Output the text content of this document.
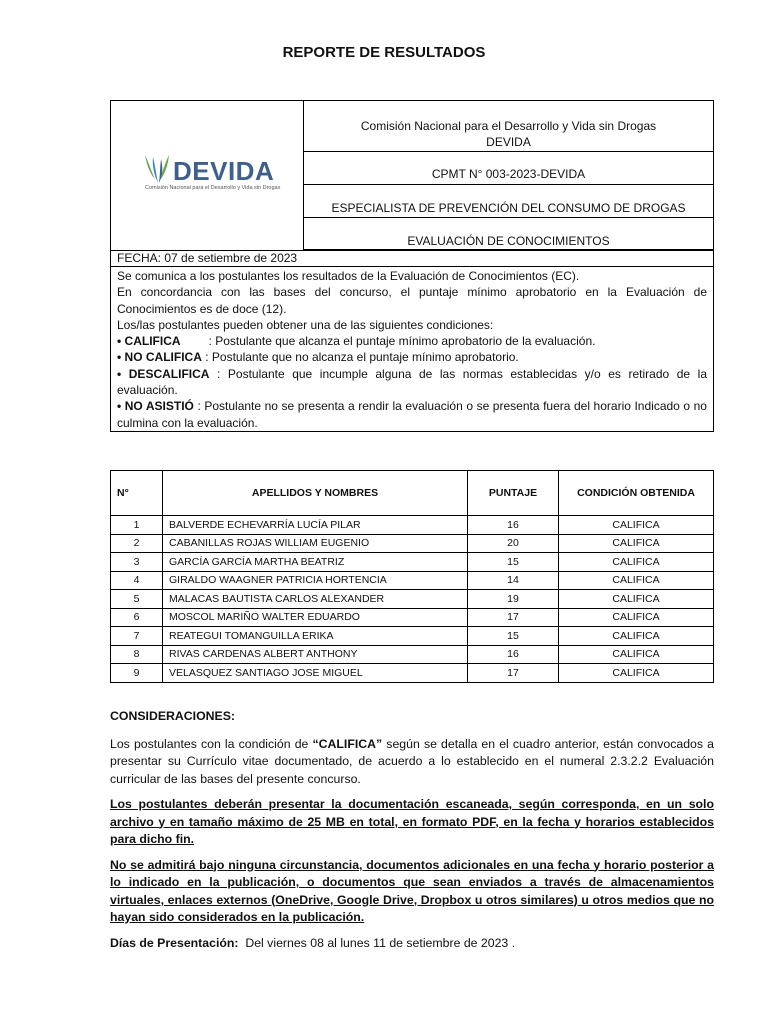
REPORTE DE RESULTADOS
DEVIDA
Comisión Nacional para el Desarrollo y Vida sin Drogas
Comisión Nacional para el Desarrollo y Vida sin Drogas
DEVIDA
CPMT N° 003-2023-DEVIDA
ESPECIALISTA DE PREVENCIÓN DEL CONSUMO DE DROGAS
EVALUACIÓN DE CONOCIMIENTOS
FECHA: 07 de setiembre de 2023

Se comunica a los postulantes los resultados de la Evaluación de Conocimientos (EC).

En concordancia con las bases del concurso, el puntaje mínimo aprobatorio en la Evaluación de Conocimientos es de doce (12).

Los/las postulantes pueden obtener una de las siguientes condiciones:

• CALIFICA : Postulante que alcanza el puntaje mínimo aprobatorio de la evaluación.

• NO CALIFICA : Postulante que no alcanza el puntaje mínimo aprobatorio.

• DESCALIFICA : Postulante que incumple alguna de las normas establecidas y/o es retirado de la evaluación.

• NO ASISTIÓ : Postulante no se presenta a rendir la evaluación o se presenta fuera del horario Indicado o no culmina con la evaluación.

N°	APELLIDOS Y NOMBRES	PUNTAJE	CONDICIÓN OBTENIDA
1	BALVERDE ECHEVARRÍA LUCÍA PILAR	16	CALIFICA
2	CABANILLAS ROJAS WILLIAM EUGENIO	20	CALIFICA
3	GARCÍA GARCÍA MARTHA BEATRIZ	15	CALIFICA
4	GIRALDO WAAGNER PATRICIA HORTENCIA	14	CALIFICA
5	MALACAS BAUTISTA CARLOS ALEXANDER	19	CALIFICA
6	MOSCOL MARIÑO WALTER EDUARDO	17	CALIFICA
7	REATEGUI TOMANGUILLA ERIKA	15	CALIFICA
8	RIVAS CARDENAS ALBERT ANTHONY	16	CALIFICA
9	VELASQUEZ SANTIAGO JOSE MIGUEL	17	CALIFICA

CONSIDERACIONES:

Los postulantes con la condición de “CALIFICA” según se detalla en el cuadro anterior, están convocados a presentar su Currículo vitae documentado, de acuerdo a lo establecido en el numeral 2.3.2.2 Evaluación curricular de las bases del presente concurso.

Los postulantes deberán presentar la documentación escaneada, según corresponda, en un solo archivo y en tamaño máximo de 25 MB en total, en formato PDF, en la fecha y horarios establecidos para dicho fin.

No se admitirá bajo ninguna circunstancia, documentos adicionales en una fecha y horario posterior a lo indicado en la publicación, o documentos que sean enviados a través de almacenamientos virtuales, enlaces externos (OneDrive, Google Drive, Dropbox u otros similares) u otros medios que no hayan sido considerados en la publicación.

Días de Presentación:  Del viernes 08 al lunes 11 de setiembre de 2023 .
